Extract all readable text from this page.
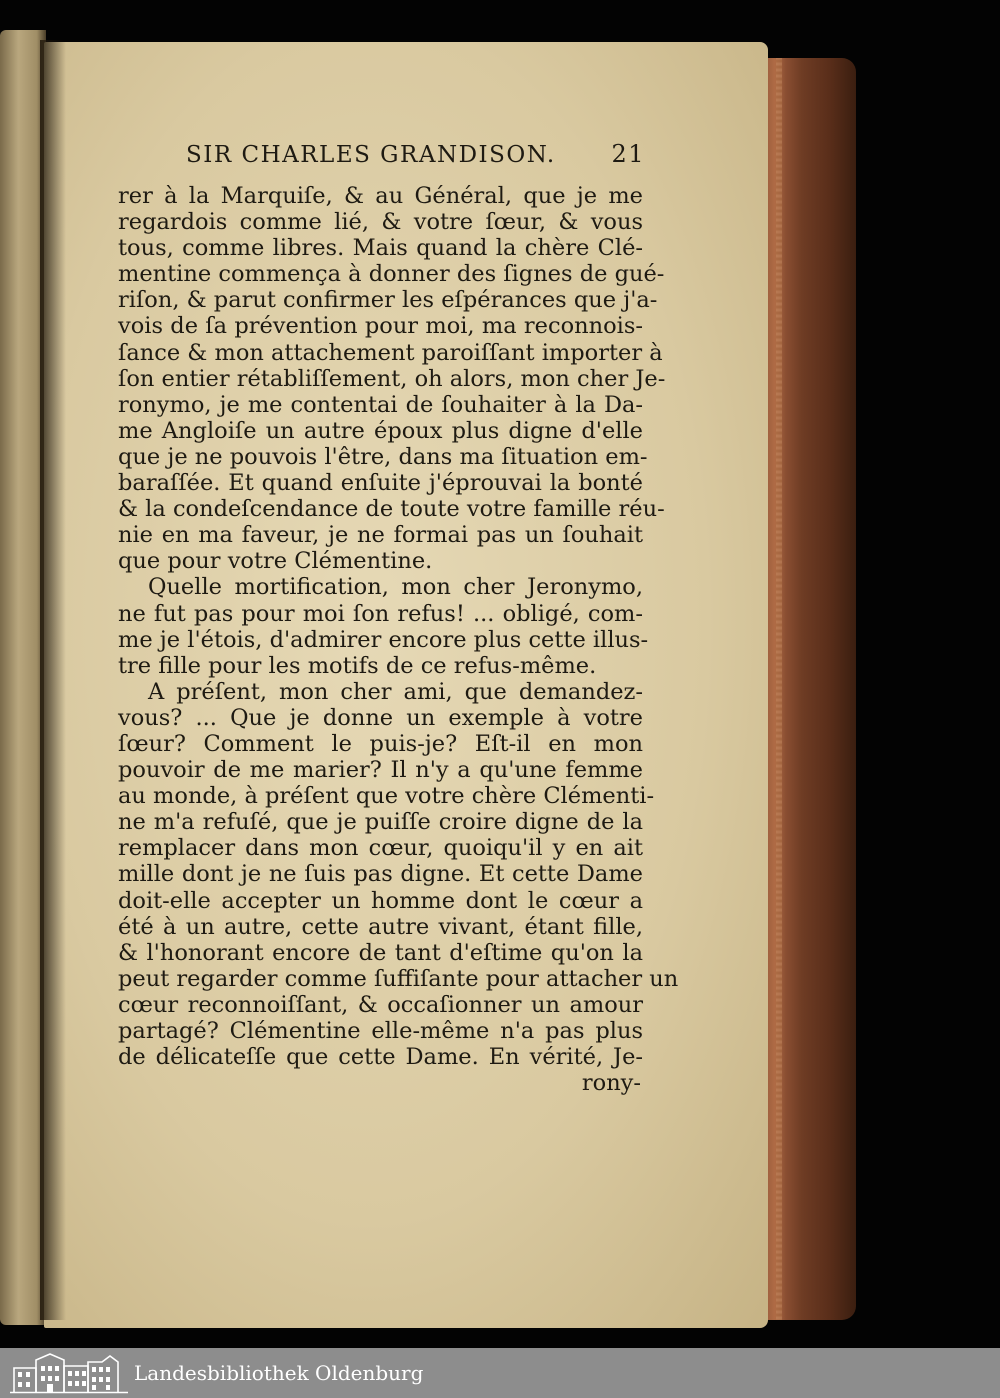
SIR CHARLES GRANDISON. 21
rer à la Marquiſe, & au Général, que je me
regardois comme lié, & votre ſœur, & vous
tous, comme libres. Mais quand la chère Clé-
mentine commença à donner des ſignes de gué-
riſon, & parut confirmer les eſpérances que j'a-
vois de ſa prévention pour moi, ma reconnois-
ſance & mon attachement paroiſſant importer à
ſon entier rétabliſſement, oh alors, mon cher Je-
ronymo, je me contentai de ſouhaiter à la Da-
me Angloiſe un autre époux plus digne d'elle
que je ne pouvois l'être, dans ma ſituation em-
baraſſée. Et quand enſuite j'éprouvai la bonté
& la condeſcendance de toute votre famille réu-
nie en ma faveur, je ne formai pas un ſouhait
que pour votre Clémentine.
Quelle mortification, mon cher Jeronymo,
ne fut pas pour moi ſon refus! ... obligé, com-
me je l'étois, d'admirer encore plus cette illus-
tre fille pour les motifs de ce refus-même.
A préſent, mon cher ami, que demandez-
vous? ... Que je donne un exemple à votre
ſœur? Comment le puis-je? Eſt-il en mon
pouvoir de me marier? Il n'y a qu'une femme
au monde, à préſent que votre chère Clémenti-
ne m'a refuſé, que je puiſſe croire digne de la
remplacer dans mon cœur, quoiqu'il y en ait
mille dont je ne ſuis pas digne. Et cette Dame
doit-elle accepter un homme dont le cœur a
été à un autre, cette autre vivant, étant fille,
& l'honorant encore de tant d'eſtime qu'on la
peut regarder comme ſuffiſante pour attacher un
cœur reconnoiſſant, & occaſionner un amour
partagé? Clémentine elle-même n'a pas plus
de délicateſſe que cette Dame. En vérité, Je-
rony-
Landesbibliothek Oldenburg
